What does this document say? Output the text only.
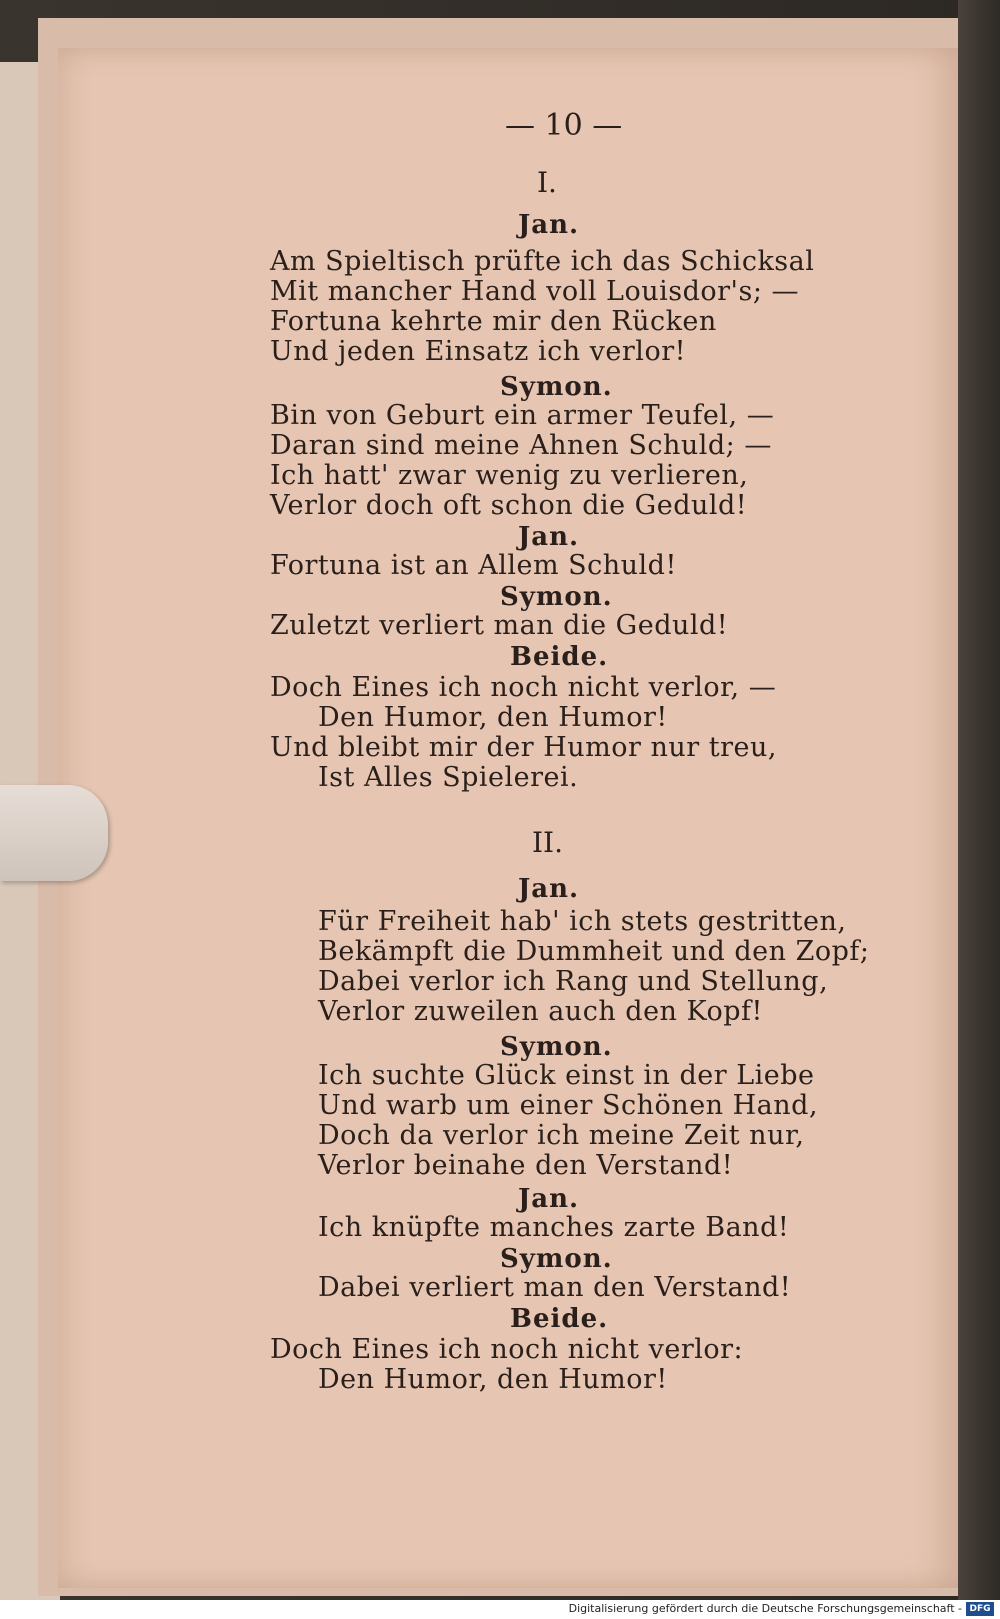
— 10 —
I.
Jan.
Am Spieltisch prüfte ich das Schicksal
Mit mancher Hand voll Louisdor's; —
Fortuna kehrte mir den Rücken
Und jeden Einsatz ich verlor!
Symon.
Bin von Geburt ein armer Teufel, —
Daran sind meine Ahnen Schuld; —
Ich hatt' zwar wenig zu verlieren,
Verlor doch oft schon die Geduld!
Jan.
Fortuna ist an Allem Schuld!
Symon.
Zuletzt verliert man die Geduld!
Beide.
Doch Eines ich noch nicht verlor, —
Den Humor, den Humor!
Und bleibt mir der Humor nur treu,
Ist Alles Spielerei.
II.
Jan.
Für Freiheit hab' ich stets gestritten,
Bekämpft die Dummheit und den Zopf;
Dabei verlor ich Rang und Stellung,
Verlor zuweilen auch den Kopf!
Symon.
Ich suchte Glück einst in der Liebe
Und warb um einer Schönen Hand,
Doch da verlor ich meine Zeit nur,
Verlor beinahe den Verstand!
Jan.
Ich knüpfte manches zarte Band!
Symon.
Dabei verliert man den Verstand!
Beide.
Doch Eines ich noch nicht verlor:
Den Humor, den Humor!
Digitalisierung gefördert durch die Deutsche Forschungsgemeinschaft - DFG
